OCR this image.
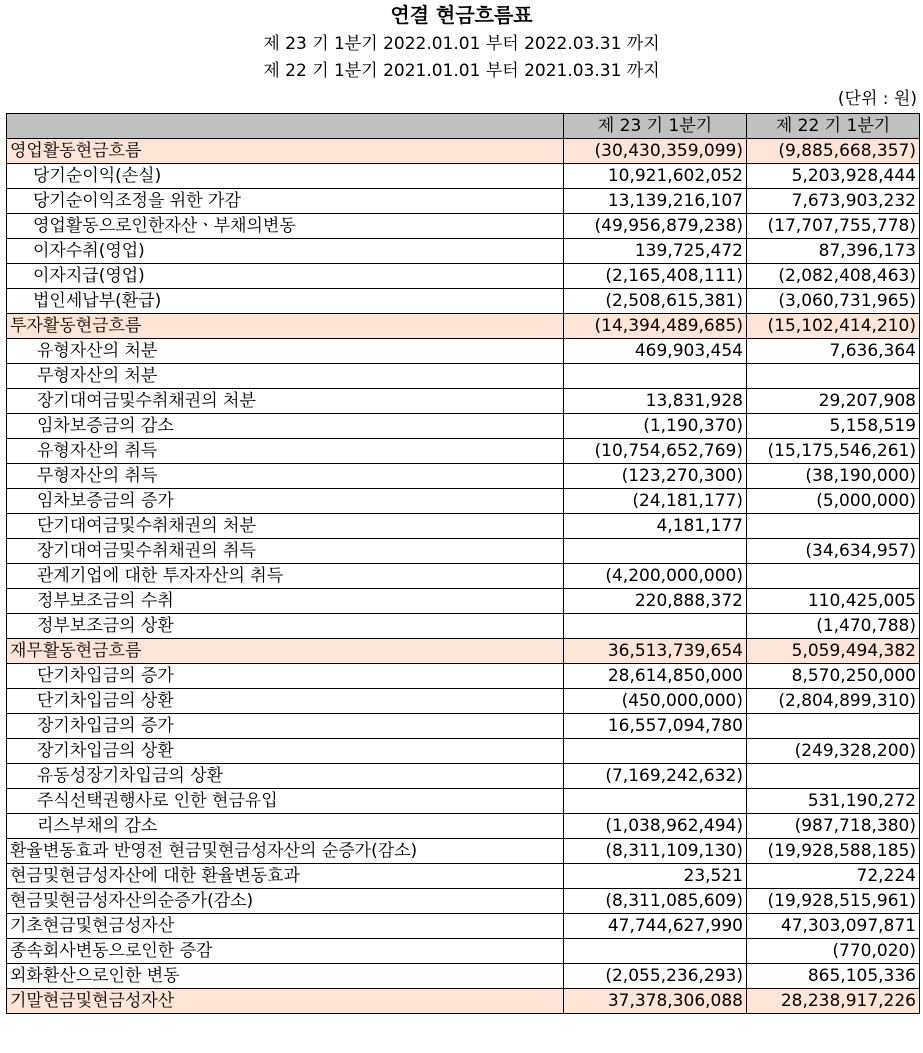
연결 현금흐름표
제 23 기 1분기 2022.01.01 부터 2022.03.31 까지
제 22 기 1분기 2021.01.01 부터 2021.03.31 까지
(단위 : 원)
	제 23 기 1분기	제 22 기 1분기
영업활동현금흐름	(30,430,359,099)	(9,885,668,357)
당기순이익(손실)	10,921,602,052	5,203,928,444
당기순이익조정을 위한 가감	13,139,216,107	7,673,903,232
영업활동으로인한자산ㆍ부채의변동	(49,956,879,238)	(17,707,755,778)
이자수취(영업)	139,725,472	87,396,173
이자지급(영업)	(2,165,408,111)	(2,082,408,463)
법인세납부(환급)	(2,508,615,381)	(3,060,731,965)
투자활동현금흐름	(14,394,489,685)	(15,102,414,210)
유형자산의 처분	469,903,454	7,636,364
무형자산의 처분		
장기대여금및수취채권의 처분	13,831,928	29,207,908
임차보증금의 감소	(1,190,370)	5,158,519
유형자산의 취득	(10,754,652,769)	(15,175,546,261)
무형자산의 취득	(123,270,300)	(38,190,000)
임차보증금의 증가	(24,181,177)	(5,000,000)
단기대여금및수취채권의 처분	4,181,177	
장기대여금및수취채권의 취득		(34,634,957)
관계기업에 대한 투자자산의 취득	(4,200,000,000)	
정부보조금의 수취	220,888,372	110,425,005
정부보조금의 상환		(1,470,788)
재무활동현금흐름	36,513,739,654	5,059,494,382
단기차입금의 증가	28,614,850,000	8,570,250,000
단기차입금의 상환	(450,000,000)	(2,804,899,310)
장기차입금의 증가	16,557,094,780	
장기차입금의 상환		(249,328,200)
유동성장기차입금의 상환	(7,169,242,632)	
주식선택권행사로 인한 현금유입		531,190,272
리스부채의 감소	(1,038,962,494)	(987,718,380)
환율변동효과 반영전 현금및현금성자산의 순증가(감소)	(8,311,109,130)	(19,928,588,185)
현금및현금성자산에 대한 환율변동효과	23,521	72,224
현금및현금성자산의순증가(감소)	(8,311,085,609)	(19,928,515,961)
기초현금및현금성자산	47,744,627,990	47,303,097,871
종속회사변동으로인한 증감		(770,020)
외화환산으로인한 변동	(2,055,236,293)	865,105,336
기말현금및현금성자산	37,378,306,088	28,238,917,226
